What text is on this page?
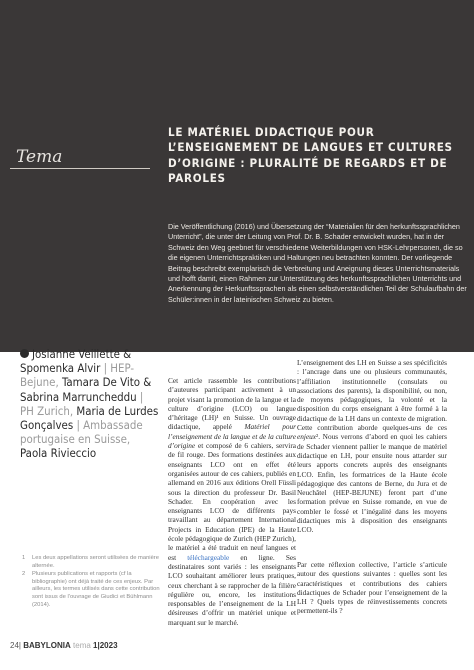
Tema
LE MATÉRIEL DIDACTIQUE POUR L’ENSEIGNEMENT DE LANGUES ET CULTURES D’ORIGINE : PLURALITÉ DE REGARDS ET DE PAROLES

Die Veröffentlichung (2016) und Übersetzung der “Materialien für den herkunftssprachlichen Unterricht”, die unter der Leitung von Prof. Dr. B. Schader entwickelt wurden, hat in der Schweiz den Weg geebnet für verschiedene Weiterbildungen von HSK-Lehrpersonen, die so die eigenen Unterrichtspraktiken und Haltungen neu betrachten konnten. Der vorliegende Beitrag beschreibt exemplarisch die Verbreitung und Aneignung dieses Unterrichtsmaterials und hofft damit, einen Rahmen zur Unterstützung des herkunftssprachlichen Unterrichts und Anerkennung der Herkunftssprachen als einen selbstverständlichen Teil der Schulaufbahn der Schüler:innen in der lateinischen Schweiz zu bieten.

Josianne Veillette & Spomenka Alvir | HEP-Bejune, Tamara De Vito & Sabrina Marruncheddu | PH Zurich, Maria de Lurdes Gonçalves | Ambassade portugaise en Suisse, Paola Rivieccio
1	Les deux appellations seront utilisées de manière alternée.
2	Plusieurs publications et rapports (cf la bibliographie) ont déjà traité de ces enjeux. Par ailleurs, les termes utilisés dans cette contribution sont issus de l’ouvrage de Giudici et Bühlmann (2014).

Cet article rassemble les contributions d’auteures participant activement à un projet visant la promotion de la langue et la culture d’origine (LCO) ou langue d’héritage (LH)¹ en Suisse. Un ouvrage didactique, appelé Matériel pour l’enseignement de la langue et de la culture d’origine et composé de 6 cahiers, servira de fil rouge. Des formations destinées aux enseignants LCO ont en effet été organisées autour de ces cahiers, publiés en allemand en 2016 aux éditions Orell Füssli sous la direction du professeur Dr. Basil Schader. En coopération avec les enseignants LCO de différents pays travaillant au département International Projects in Education (IPE) de la Haute école pédagogique de Zurich (HEP Zurich), le matériel a été traduit en neuf langues et est téléchargeable en ligne. Ses destinataires sont variés : les enseignants LCO souhaitant améliorer leurs pratiques, ceux cherchant à se rapprocher de la filière régulière ou, encore, les institutions responsables de l’enseignement de la LH désireuses d’offrir un matériel unique et marquant sur le marché.

L’enseignement des LH en Suisse a ses spécificités : l’ancrage dans une ou plusieurs communautés, l’affiliation institutionnelle (consulats ou associations des parents), la disponibilité, ou non, de moyens pédagogiques, la volonté et la disposition du corps enseignant à être formé à la didactique de la LH dans un contexte de migration. Cette contribution aborde quelques-uns de ces enjeux². Nous verrons d’abord en quoi les cahiers de Schader viennent pallier le manque de matériel didactique en LH, pour ensuite nous attarder sur leurs apports concrets auprès des enseignants LCO. Enfin, les formatrices de la Haute école pédagogique des cantons de Berne, du Jura et de Neuchâtel (HEP-BEJUNE) feront part d’une formation prévue en Suisse romande, en vue de combler le fossé et l’inégalité dans les moyens didactiques mis à disposition des enseignants LCO.

Par cette réflexion collective, l’article s’articule autour des questions suivantes : quelles sont les caractéristiques et contributions des cahiers didactiques de Schader pour l’enseignement de la LH ? Quels types de réinvestissements concrets permettent-ils ?

24| BABYLONIA tema 1|2023
